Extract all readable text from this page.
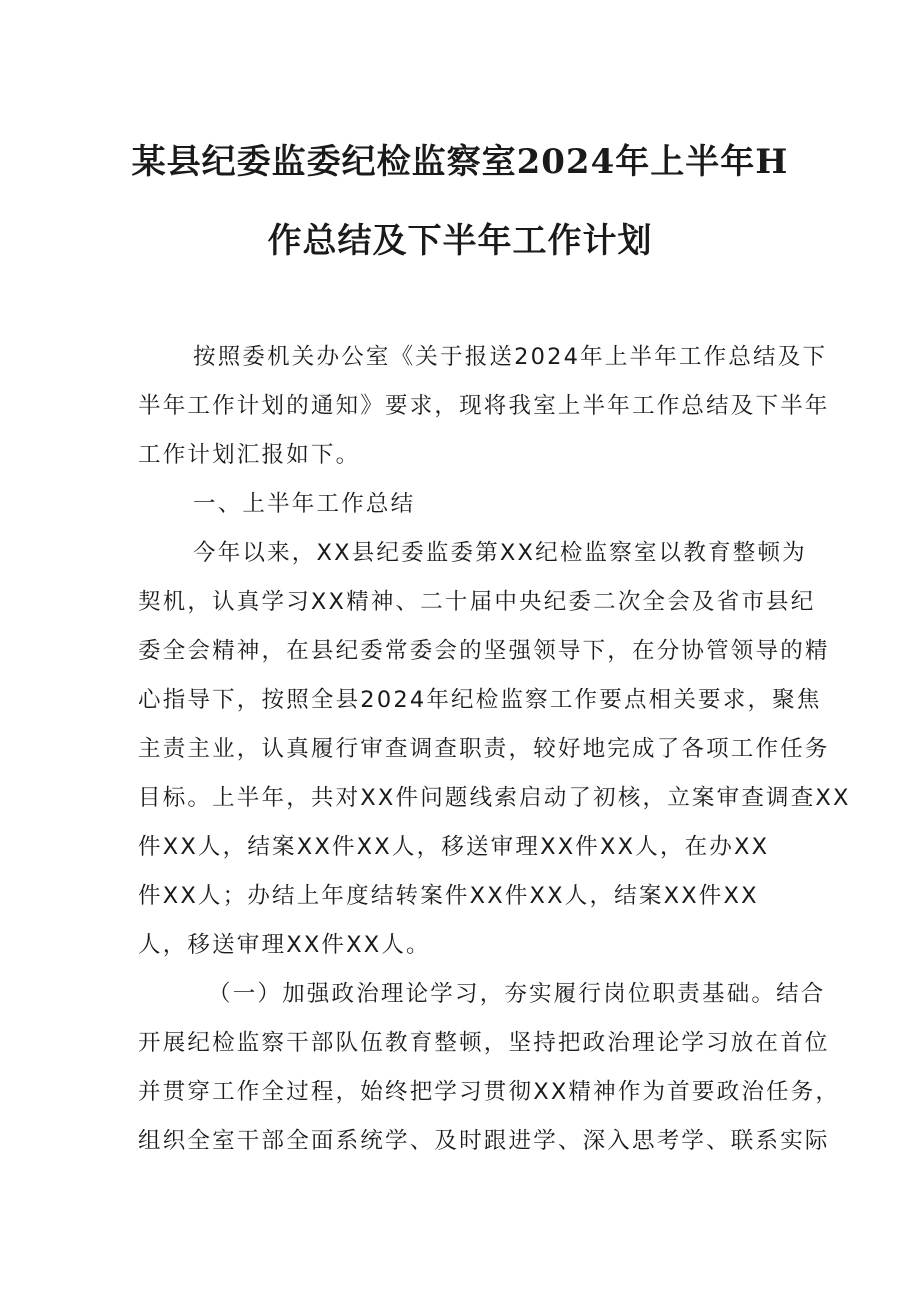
某县纪委监委纪检监察室2024年上半年H
作总结及下半年工作计划
按照委机关办公室《关于报送2024年上半年工作总结及下
半年工作计划的通知》要求，现将我室上半年工作总结及下半年
工作计划汇报如下。
一、上半年工作总结
今年以来，XX县纪委监委第XX纪检监察室以教育整顿为
契机，认真学习XX精神、二十届中央纪委二次全会及省市县纪
委全会精神，在县纪委常委会的坚强领导下，在分协管领导的精
心指导下，按照全县2024年纪检监察工作要点相关要求，聚焦
主责主业，认真履行审查调查职责，较好地完成了各项工作任务
目标。上半年，共对XX件问题线索启动了初核，立案审查调查XX
件XX人，结案XX件XX人，移送审理XX件XX人，在办XX
件XX人；办结上年度结转案件XX件XX人，结案XX件XX
人，移送审理XX件XX人。
（一）加强政治理论学习，夯实履行岗位职责基础。结合
开展纪检监察干部队伍教育整顿，坚持把政治理论学习放在首位
并贯穿工作全过程，始终把学习贯彻XX精神作为首要政治任务，
组织全室干部全面系统学、及时跟进学、深入思考学、联系实际
